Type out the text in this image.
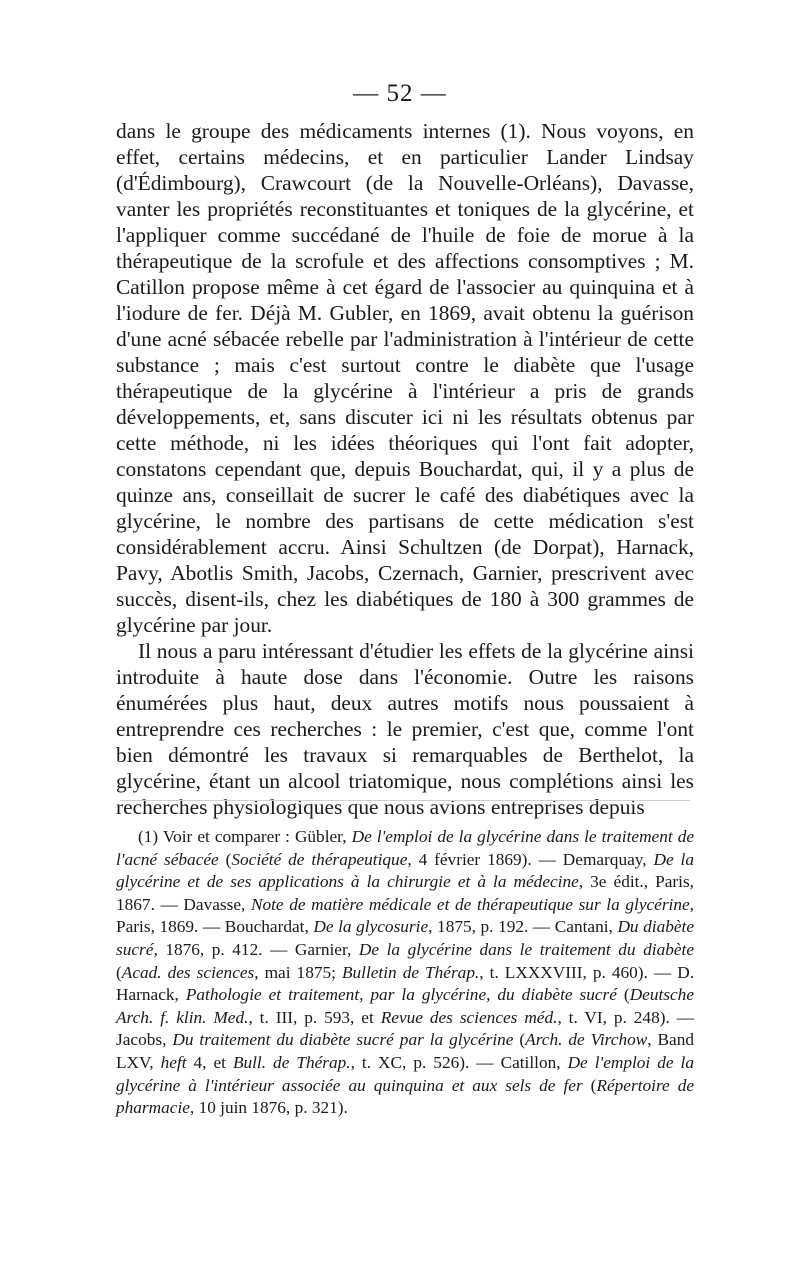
— 52 —

dans le groupe des médicaments internes (1). Nous voyons, en effet, certains médecins, et en particulier Lander Lindsay (d'Édimbourg), Crawcourt (de la Nouvelle-Orléans), Davasse, vanter les propriétés reconstituantes et toniques de la glycérine, et l'appliquer comme succédané de l'huile de foie de morue à la thérapeutique de la scrofule et des affections consomptives ; M. Catillon propose même à cet égard de l'associer au quinquina et à l'iodure de fer. Déjà M. Gubler, en 1869, avait obtenu la guérison d'une acné sébacée rebelle par l'administration à l'intérieur de cette substance ; mais c'est surtout contre le diabète que l'usage thérapeutique de la glycérine à l'intérieur a pris de grands développements, et, sans discuter ici ni les résultats obtenus par cette méthode, ni les idées théoriques qui l'ont fait adopter, constatons cependant que, depuis Bouchardat, qui, il y a plus de quinze ans, conseillait de sucrer le café des diabétiques avec la glycérine, le nombre des partisans de cette médication s'est considérablement accru. Ainsi Schultzen (de Dorpat), Harnack, Pavy, Abotlis Smith, Jacobs, Czernach, Garnier, prescrivent avec succès, disent-ils, chez les diabétiques de 180 à 300 grammes de glycérine par jour.

Il nous a paru intéressant d'étudier les effets de la glycérine ainsi introduite à haute dose dans l'économie. Outre les raisons énumérées plus haut, deux autres motifs nous poussaient à entreprendre ces recherches : le premier, c'est que, comme l'ont bien démontré les travaux si remarquables de Berthelot, la glycérine, étant un alcool triatomique, nous complétions ainsi les recherches physiologiques que nous avions entreprises depuis

(1) Voir et comparer : Gübler, De l'emploi de la glycérine dans le traitement de l'acné sébacée (Société de thérapeutique, 4 février 1869). — Demarquay, De la glycérine et de ses applications à la chirurgie et à la médecine, 3e édit., Paris, 1867. — Davasse, Note de matière médicale et de thérapeutique sur la glycérine, Paris, 1869. — Bouchardat, De la glycosurie, 1875, p. 192. — Cantani, Du diabète sucré, 1876, p. 412. — Garnier, De la glycérine dans le traitement du diabète (Acad. des sciences, mai 1875; Bulletin de Thérap., t. LXXXVIII, p. 460). — D. Harnack, Pathologie et traitement, par la glycérine, du diabète sucré (Deutsche Arch. f. klin. Med., t. III, p. 593, et Revue des sciences méd., t. VI, p. 248). — Jacobs, Du traitement du diabète sucré par la glycérine (Arch. de Virchow, Band LXV, heft 4, et Bull. de Thérap., t. XC, p. 526). — Catillon, De l'emploi de la glycérine à l'intérieur associée au quinquina et aux sels de fer (Répertoire de pharmacie, 10 juin 1876, p. 321).
